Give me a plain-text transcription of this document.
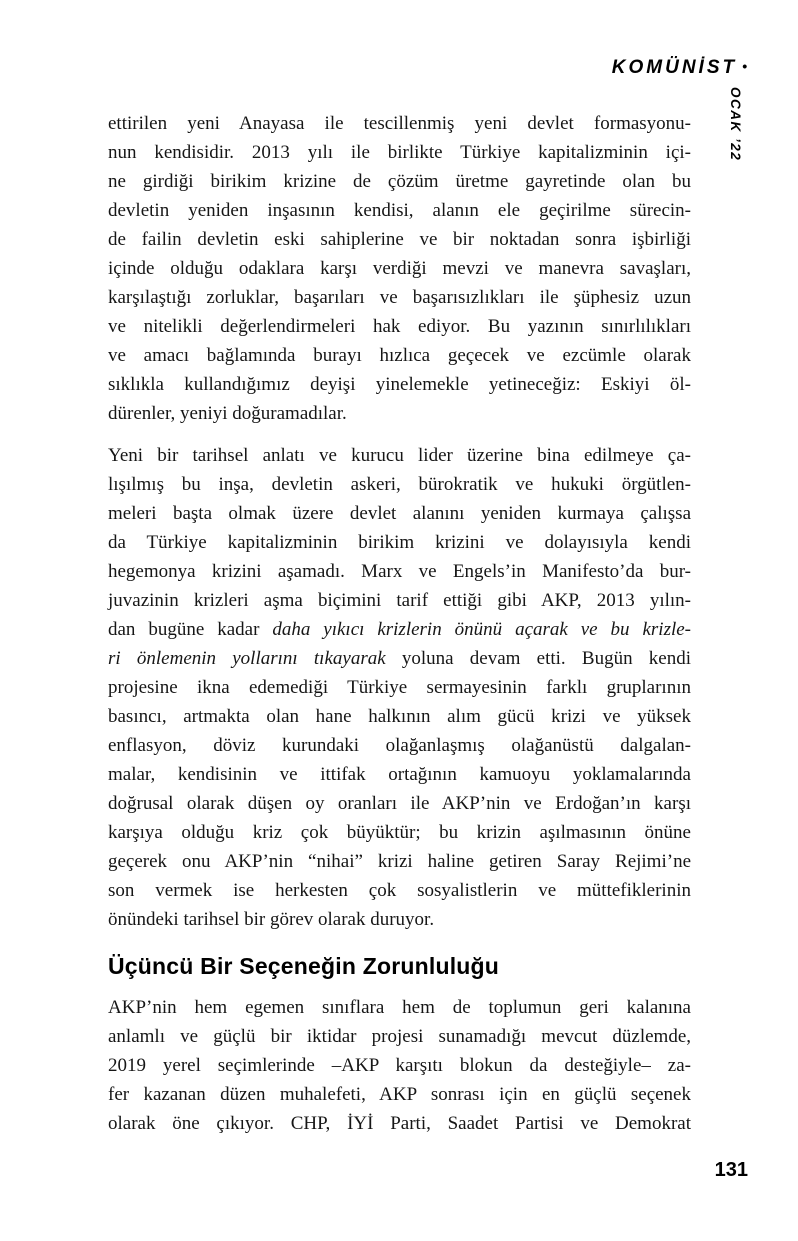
KOMÜNİST •
OCAK ’22
ettirilen yeni Anayasa ile tescillenmiş yeni devlet formasyonu-
nun kendisidir. 2013 yılı ile birlikte Türkiye kapitalizminin içi-
ne girdiği birikim krizine de çözüm üretme gayretinde olan bu
devletin yeniden inşasının kendisi, alanın ele geçirilme sürecin-
de failin devletin eski sahiplerine ve bir noktadan sonra işbirliği
içinde olduğu odaklara karşı verdiği mevzi ve manevra savaşları,
karşılaştığı zorluklar, başarıları ve başarısızlıkları ile şüphesiz uzun
ve nitelikli değerlendirmeleri hak ediyor. Bu yazının sınırlılıkları
ve amacı bağlamında burayı hızlıca geçecek ve ezcümle olarak
sıklıkla kullandığımız deyişi yinelemekle yetineceğiz: Eskiyi öl-
dürenler, yeniyi doğuramadılar.
Yeni bir tarihsel anlatı ve kurucu lider üzerine bina edilmeye ça-
lışılmış bu inşa, devletin askeri, bürokratik ve hukuki örgütlen-
meleri başta olmak üzere devlet alanını yeniden kurmaya çalışsa
da Türkiye kapitalizminin birikim krizini ve dolayısıyla kendi
hegemonya krizini aşamadı. Marx ve Engels’in Manifesto’da bur-
juvazinin krizleri aşma biçimini tarif ettiği gibi AKP, 2013 yılın-
dan bugüne kadar daha yıkıcı krizlerin önünü açarak ve bu krizle-
ri önlemenin yollarını tıkayarak yoluna devam etti. Bugün kendi
projesine ikna edemediği Türkiye sermayesinin farklı gruplarının
basıncı, artmakta olan hane halkının alım gücü krizi ve yüksek
enflasyon, döviz kurundaki olağanlaşmış olağanüstü dalgalan-
malar, kendisinin ve ittifak ortağının kamuoyu yoklamalarında
doğrusal olarak düşen oy oranları ile AKP’nin ve Erdoğan’ın karşı
karşıya olduğu kriz çok büyüktür; bu krizin aşılmasının önüne
geçerek onu AKP’nin “nihai” krizi haline getiren Saray Rejimi’ne
son vermek ise herkesten çok sosyalistlerin ve müttefiklerinin
önündeki tarihsel bir görev olarak duruyor.
Üçüncü Bir Seçeneğin Zorunluluğu
AKP’nin hem egemen sınıflara hem de toplumun geri kalanına
anlamlı ve güçlü bir iktidar projesi sunamadığı mevcut düzlemde,
2019 yerel seçimlerinde –AKP karşıtı blokun da desteğiyle– za-
fer kazanan düzen muhalefeti, AKP sonrası için en güçlü seçenek
olarak öne çıkıyor. CHP, İYİ Parti, Saadet Partisi ve Demokrat
131
